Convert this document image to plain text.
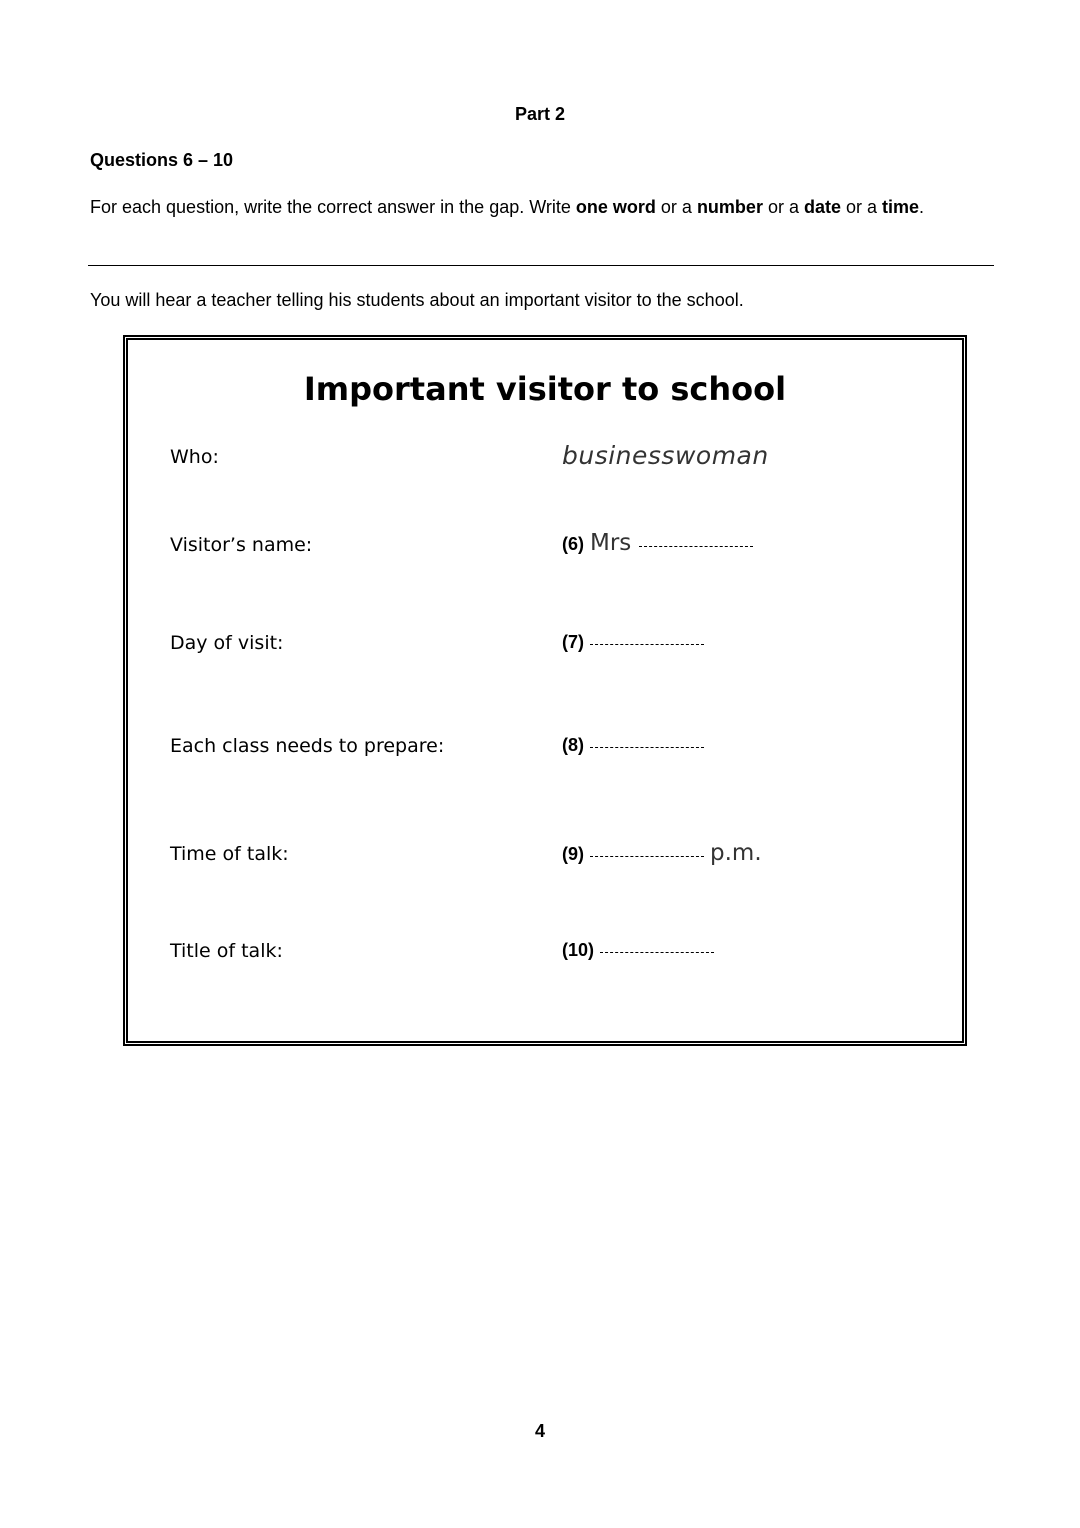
Part 2
Questions 6 – 10
For each question, write the correct answer in the gap. Write one word or a number or a date or a time.
You will hear a teacher telling his students about an important visitor to the school.
Important visitor to school
Who:	businesswoman
Visitor’s name:	(6) Mrs
Day of visit:	(7)
Each class needs to prepare:	(8)
Time of talk:	(9)	p.m.
Title of talk:	(10)
4
